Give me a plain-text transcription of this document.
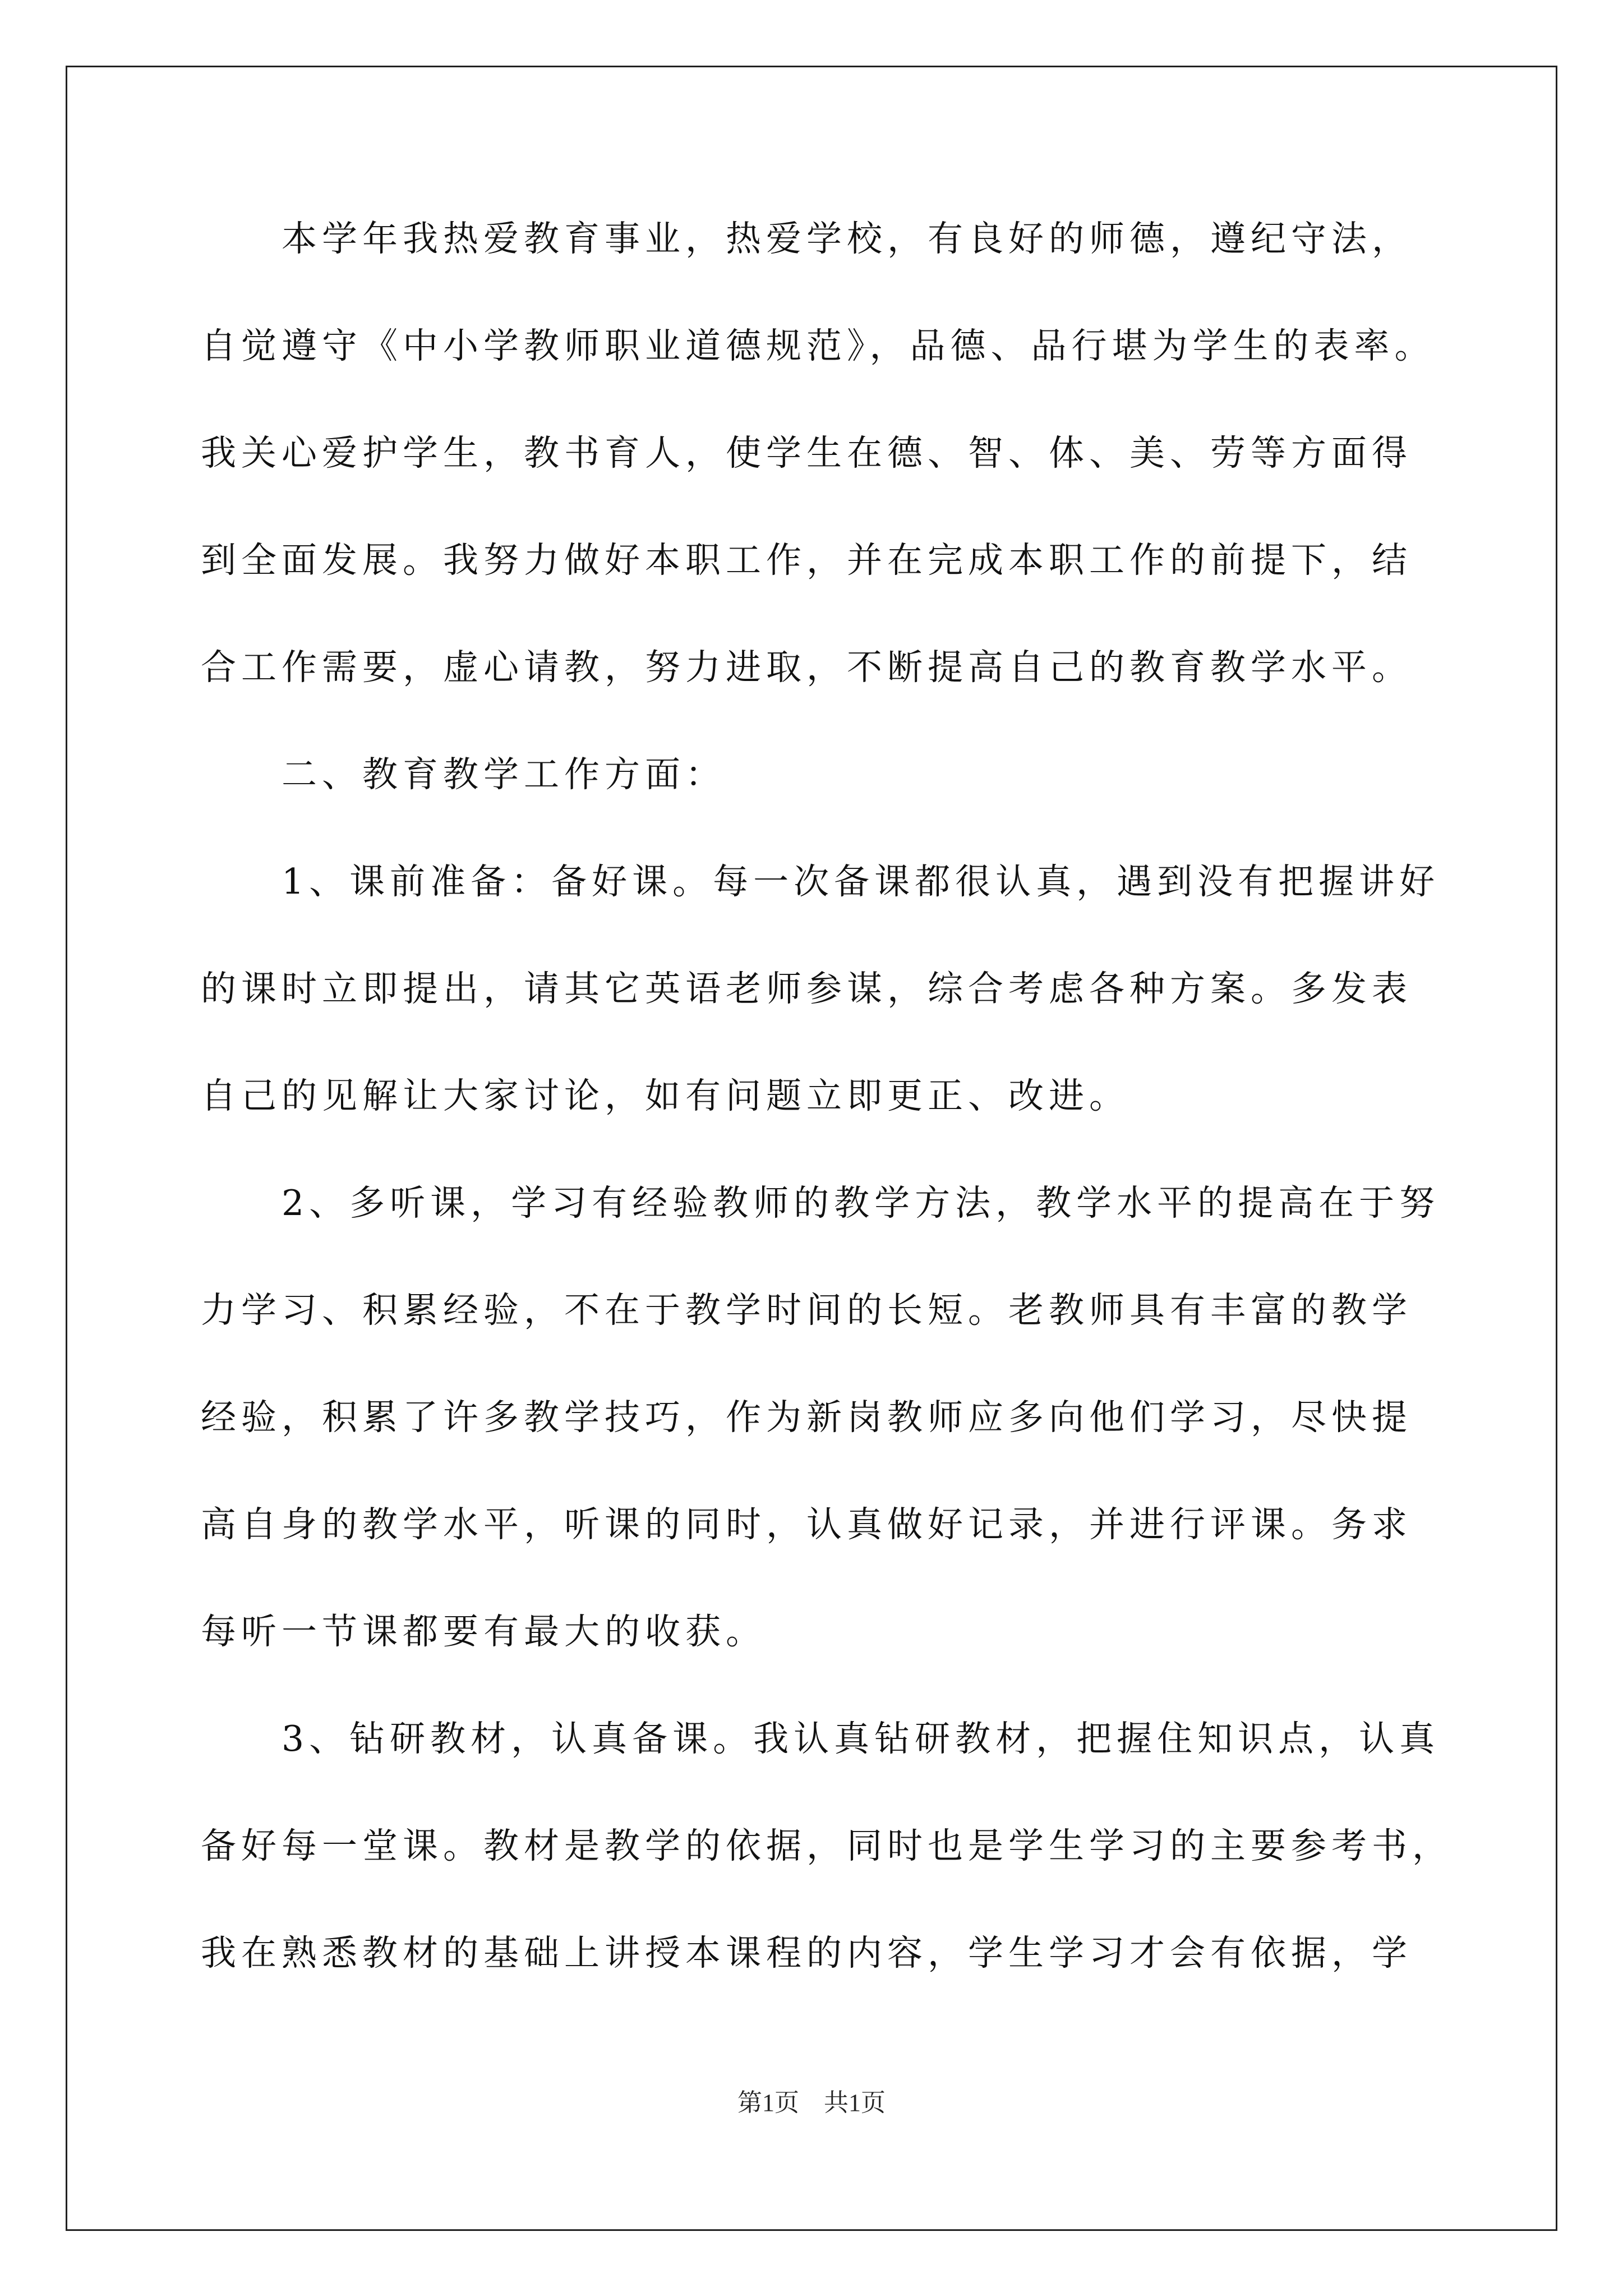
本学年我热爱教育事业，热爱学校，有良好的师德，遵纪守法，
自觉遵守《中小学教师职业道德规范》，品德、品行堪为学生的表率。
我关心爱护学生，教书育人，使学生在德、智、体、美、劳等方面得
到全面发展。我努力做好本职工作，并在完成本职工作的前提下，结
合工作需要，虚心请教，努力进取，不断提高自己的教育教学水平。
二、教育教学工作方面：
1、课前准备：备好课。每一次备课都很认真，遇到没有把握讲好
的课时立即提出，请其它英语老师参谋，综合考虑各种方案。多发表
自己的见解让大家讨论，如有问题立即更正、改进。
2、多听课，学习有经验教师的教学方法，教学水平的提高在于努
力学习、积累经验，不在于教学时间的长短。老教师具有丰富的教学
经验，积累了许多教学技巧，作为新岗教师应多向他们学习，尽快提
高自身的教学水平，听课的同时，认真做好记录，并进行评课。务求
每听一节课都要有最大的收获。
3、钻研教材，认真备课。我认真钻研教材，把握住知识点，认真
备好每一堂课。教材是教学的依据，同时也是学生学习的主要参考书，
我在熟悉教材的基础上讲授本课程的内容，学生学习才会有依据，学
第1页　共1页
